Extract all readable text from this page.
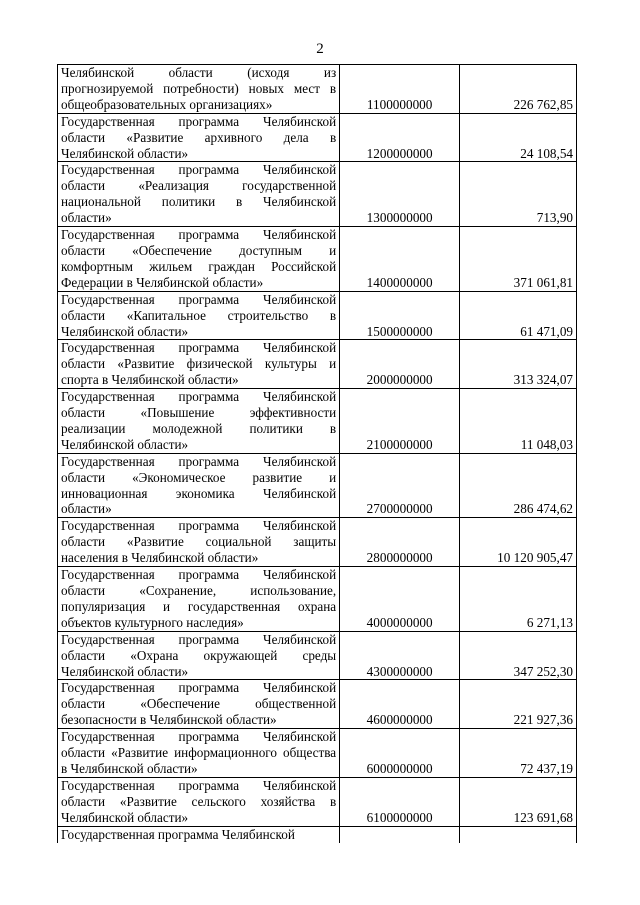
2
Челябинской области (исходя из прогнозируемой потребности) новых мест в общеобразовательных организациях»	1100000000	226 762,85
Государственная программа Челябинской области «Развитие архивного дела в Челябинской области»	1200000000	24 108,54
Государственная программа Челябинской области «Реализация государственной национальной политики в Челябинской области»	1300000000	713,90
Государственная программа Челябинской области «Обеспечение доступным и комфортным жильем граждан Российской Федерации в Челябинской области»	1400000000	371 061,81
Государственная программа Челябинской области «Капитальное строительство в Челябинской области»	1500000000	61 471,09
Государственная программа Челябинской области «Развитие физической культуры и спорта в Челябинской области»	2000000000	313 324,07
Государственная программа Челябинской области «Повышение эффективности реализации молодежной политики в Челябинской области»	2100000000	11 048,03
Государственная программа Челябинской области «Экономическое развитие и инновационная экономика Челябинской области»	2700000000	286 474,62
Государственная программа Челябинской области «Развитие социальной защиты населения в Челябинской области»	2800000000	10 120 905,47
Государственная программа Челябинской области «Сохранение, использование, популяризация и государственная охрана объектов культурного наследия»	4000000000	6 271,13
Государственная программа Челябинской области «Охрана окружающей среды Челябинской области»	4300000000	347 252,30
Государственная программа Челябинской области «Обеспечение общественной безопасности в Челябинской области»	4600000000	221 927,36
Государственная программа Челябинской области «Развитие информационного общества в Челябинской области»	6000000000	72 437,19
Государственная программа Челябинской области «Развитие сельского хозяйства в Челябинской области»	6100000000	123 691,68
Государственная программа Челябинской		
